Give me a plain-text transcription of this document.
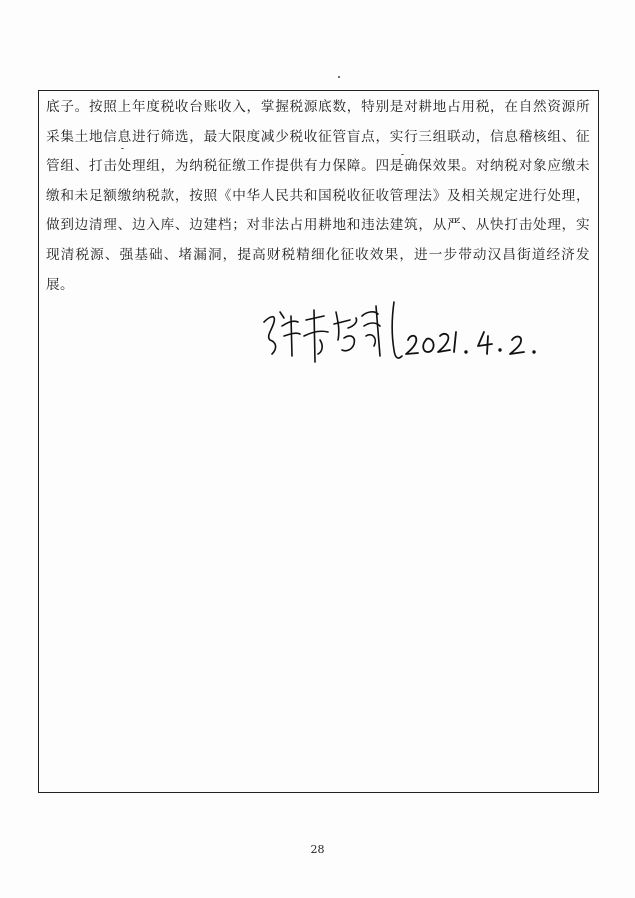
底子。按照上年度税收台账收入，掌握税源底数，特别是对耕地占用税，在自然资源所采集土地信息进行筛选，最大限度减少税收征管盲点，实行三组联动，信息稽核组、征管组、打击处理组，为纳税征缴工作提供有力保障。四是确保效果。对纳税对象应缴未缴和未足额缴纳税款，按照《中华人民共和国税收征收管理法》及相关规定进行处理，做到边清理、边入库、边建档；对非法占用耕地和违法建筑，从严、从快打击处理，实现清税源、强基础、堵漏洞，提高财税精细化征收效果，进一步带动汉昌街道经济发展。

28
